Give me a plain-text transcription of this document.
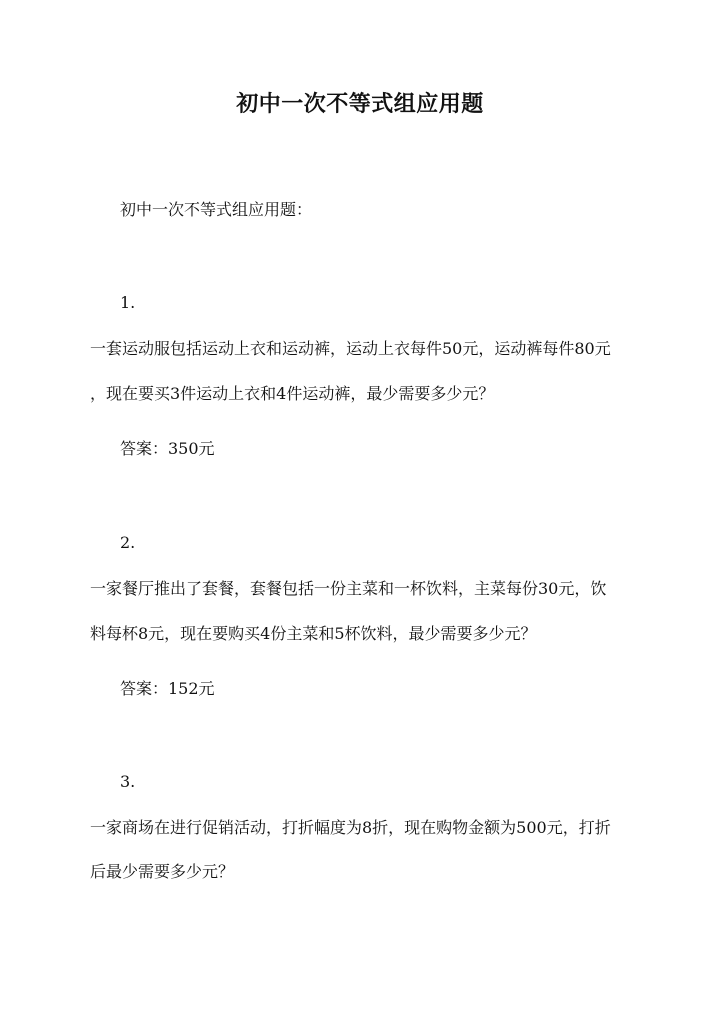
初中一次不等式组应用题
初中一次不等式组应用题：
1.
一套运动服包括运动上衣和运动裤，运动上衣每件50元，运动裤每件80元
，现在要买3件运动上衣和4件运动裤，最少需要多少元？
答案：350元
2.
一家餐厅推出了套餐，套餐包括一份主菜和一杯饮料，主菜每份30元，饮
料每杯8元，现在要购买4份主菜和5杯饮料，最少需要多少元？
答案：152元
3.
一家商场在进行促销活动，打折幅度为8折，现在购物金额为500元，打折
后最少需要多少元？
